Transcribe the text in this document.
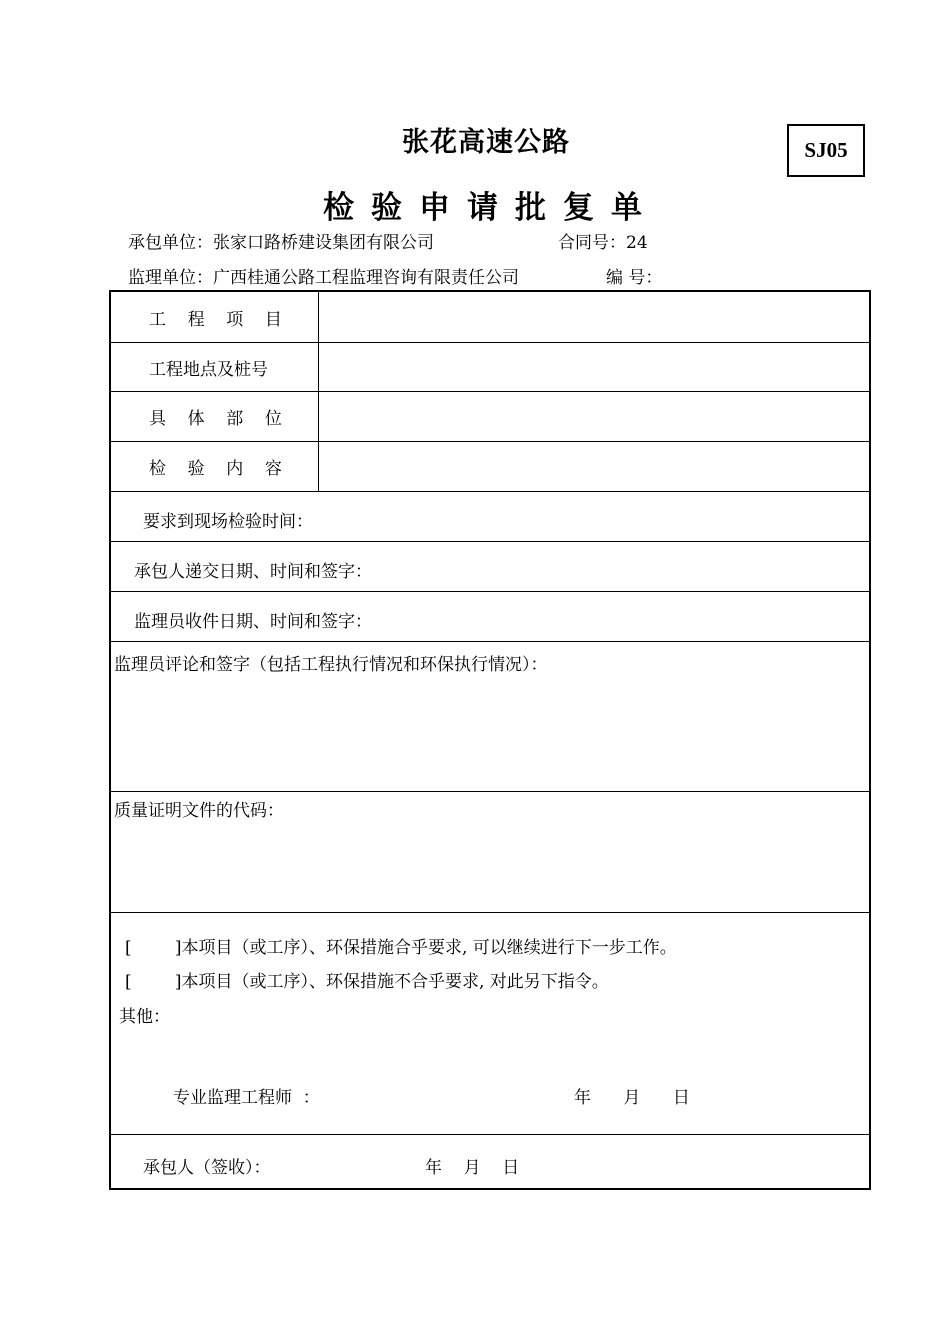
张花高速公路	SJ05
检验申请批复单
承包单位：张家口路桥建设集团有限公司	合同号：24
监理单位：广西桂通公路工程监理咨询有限责任公司	编 号：
工    程    项    目
工程地点及桩号
具    体    部    位
检    验    内    容
要求到现场检验时间：
承包人递交日期、时间和签字：
监理员收件日期、时间和签字：
监理员评论和签字（包括工程执行情况和环保执行情况）：
质量证明文件的代码：
[        ]本项目（或工序）、环保措施合乎要求, 可以继续进行下一步工作。
[        ]本项目（或工序）、环保措施不合乎要求, 对此另下指令。
其他：
专业监理工程师  ：	年      月      日
承包人（签收）：	年    月    日
